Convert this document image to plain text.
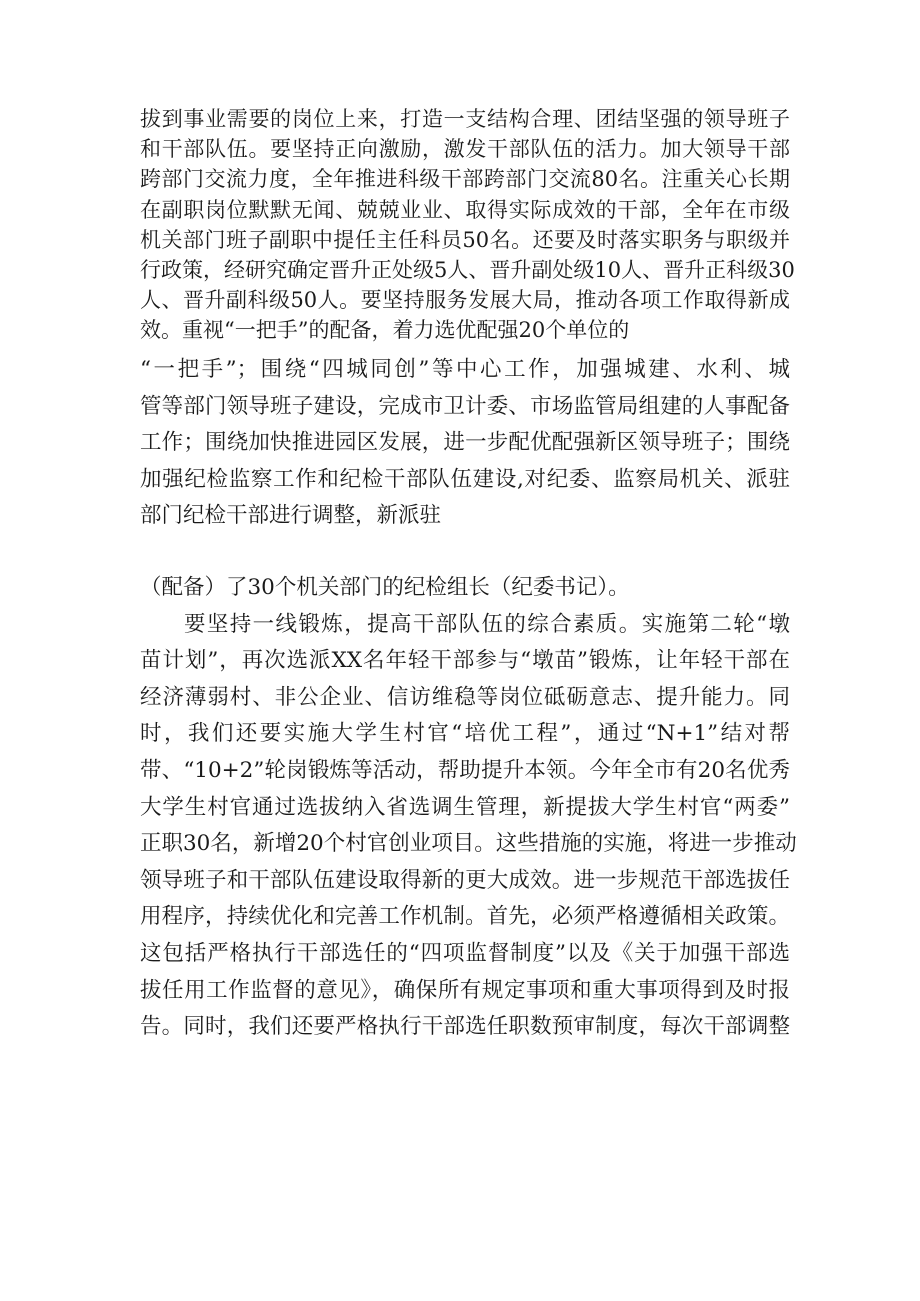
拔到事业需要的岗位上来，打造一支结构合理、团结坚强的领导班子
和干部队伍。要坚持正向激励，激发干部队伍的活力。加大领导干部
跨部门交流力度，全年推进科级干部跨部门交流80名。注重关心长期
在副职岗位默默无闻、兢兢业业、取得实际成效的干部，全年在市级
机关部门班子副职中提任主任科员50名。还要及时落实职务与职级并
行政策，经研究确定晋升正处级5人、晋升副处级10人、晋升正科级30
人、晋升副科级50人。要坚持服务发展大局，推动各项工作取得新成
效。重视“一把手”的配备，着力选优配强20个单位的
“一把手”；围绕“四城同创”等中心工作，加强城建、水利、城
管等部门领导班子建设，完成市卫计委、市场监管局组建的人事配备
工作；围绕加快推进园区发展，进一步配优配强新区领导班子；围绕
加强纪检监察工作和纪检干部队伍建设,对纪委、监察局机关、派驻
部门纪检干部进行调整，新派驻
（配备）了30个机关部门的纪检组长（纪委书记）。
要坚持一线锻炼，提高干部队伍的综合素质。实施第二轮“墩
苗计划”，再次选派XX名年轻干部参与“墩苗”锻炼，让年轻干部在
经济薄弱村、非公企业、信访维稳等岗位砥砺意志、提升能力。同
时，我们还要实施大学生村官“培优工程”，通过“N+1”结对帮
带、“10+2”轮岗锻炼等活动，帮助提升本领。今年全市有20名优秀
大学生村官通过选拔纳入省选调生管理，新提拔大学生村官“两委”
正职30名，新增20个村官创业项目。这些措施的实施，将进一步推动
领导班子和干部队伍建设取得新的更大成效。进一步规范干部选拔任
用程序，持续优化和完善工作机制。首先，必须严格遵循相关政策。
这包括严格执行干部选任的“四项监督制度”以及《关于加强干部选
拔任用工作监督的意见》，确保所有规定事项和重大事项得到及时报
告。同时，我们还要严格执行干部选任职数预审制度，每次干部调整
